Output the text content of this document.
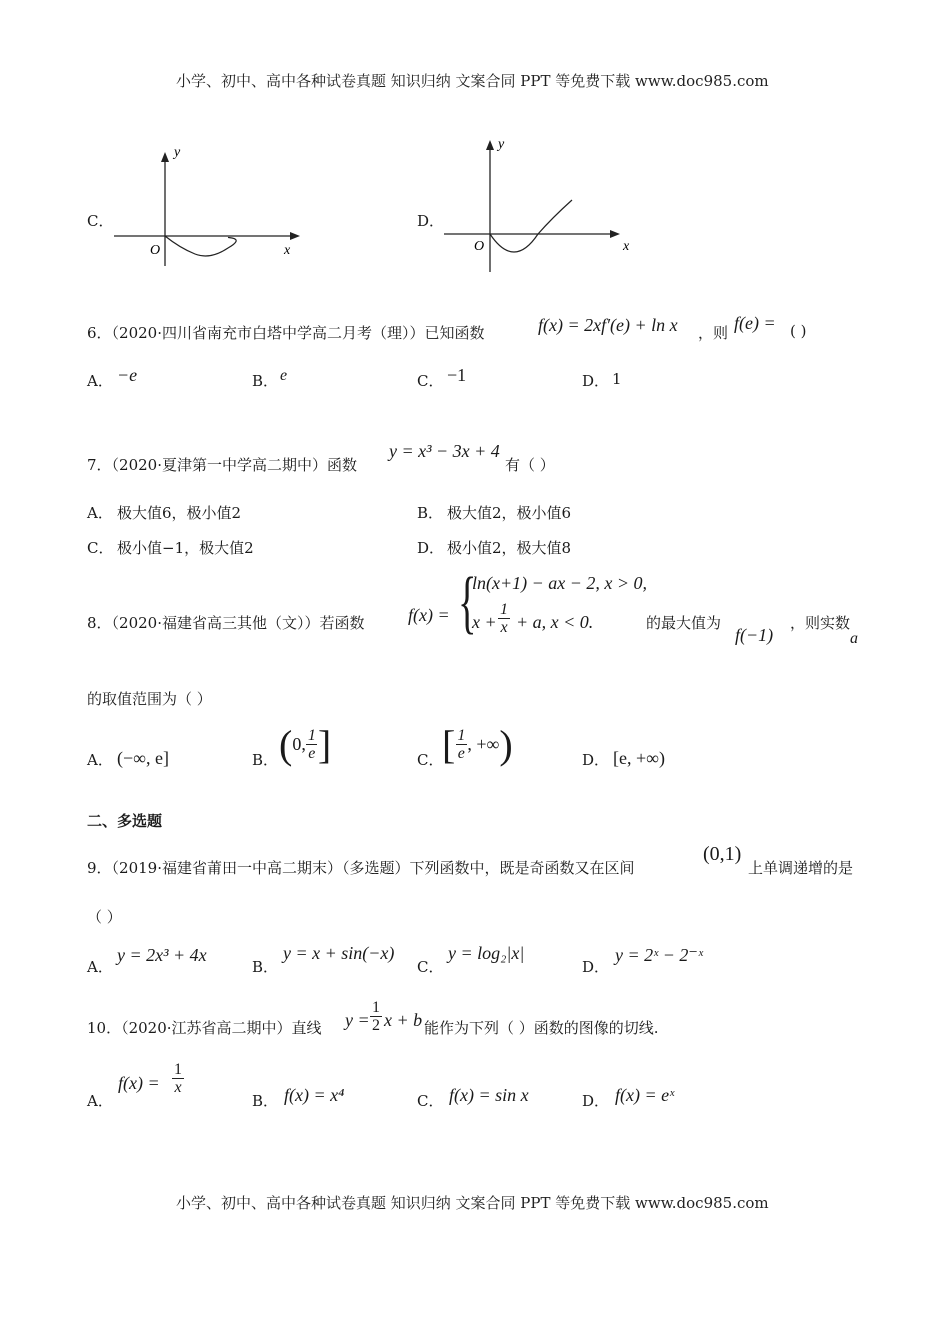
小学、初中、高中各种试卷真题 知识归纳 文案合同 PPT 等免费下载 www.doc985.com
C．
y
x
O
D．
y
x
O
6．（2020·四川省南充市白塔中学高二月考（理））已知函数	f(x) = 2xf′(e) + ln x ，则 f(e) = ( )
A． −e	B． e	C． −1	D． 1
7．（2020·夏津第一中学高二期中）函数
y = x³ − 3x + 4
有（ ）
A． 极大值6，极小值2	B． 极大值2，极小值6
C． 极小值−1，极大值2	D． 极小值2，极大值8
8．（2020·福建省高三其他（文））若函数 f(x) = {
ln(x+1) − ax − 2, x > 0,
$x + \frac{1}{x} + a$, x < 0.	的最大值为
f(−1)
，则实数
a
的取值范围为（ ）
A． (−∞, e]	B． (0, $\frac{1}{e}$ ]	C．
[ $\frac{1}{e}$ , +∞)	D． [e, +∞)
二、多选题
9．（2019·福建省莆田一中高二期末）（多选题）下列函数中，既是奇函数又在区间
(0,1)
上单调递增的是
（ ）
A．
y = 2x³ + 4x
B．
y = x + sin(−x)
C．
y = log₂|x|
D．
y = 2ˣ − 2⁻ˣ
10．（2020·江苏省高二期中）直线 $y = \frac{1}{2}$ x + b 能作为下列（ ）函数的图像的切线.
A．
$f(x) = \frac{1}{x}$
B． f(x) = x⁴	C． f(x) = sin x	D． f(x) = eˣ
小学、初中、高中各种试卷真题 知识归纳 文案合同 PPT 等免费下载 www.doc985.com
